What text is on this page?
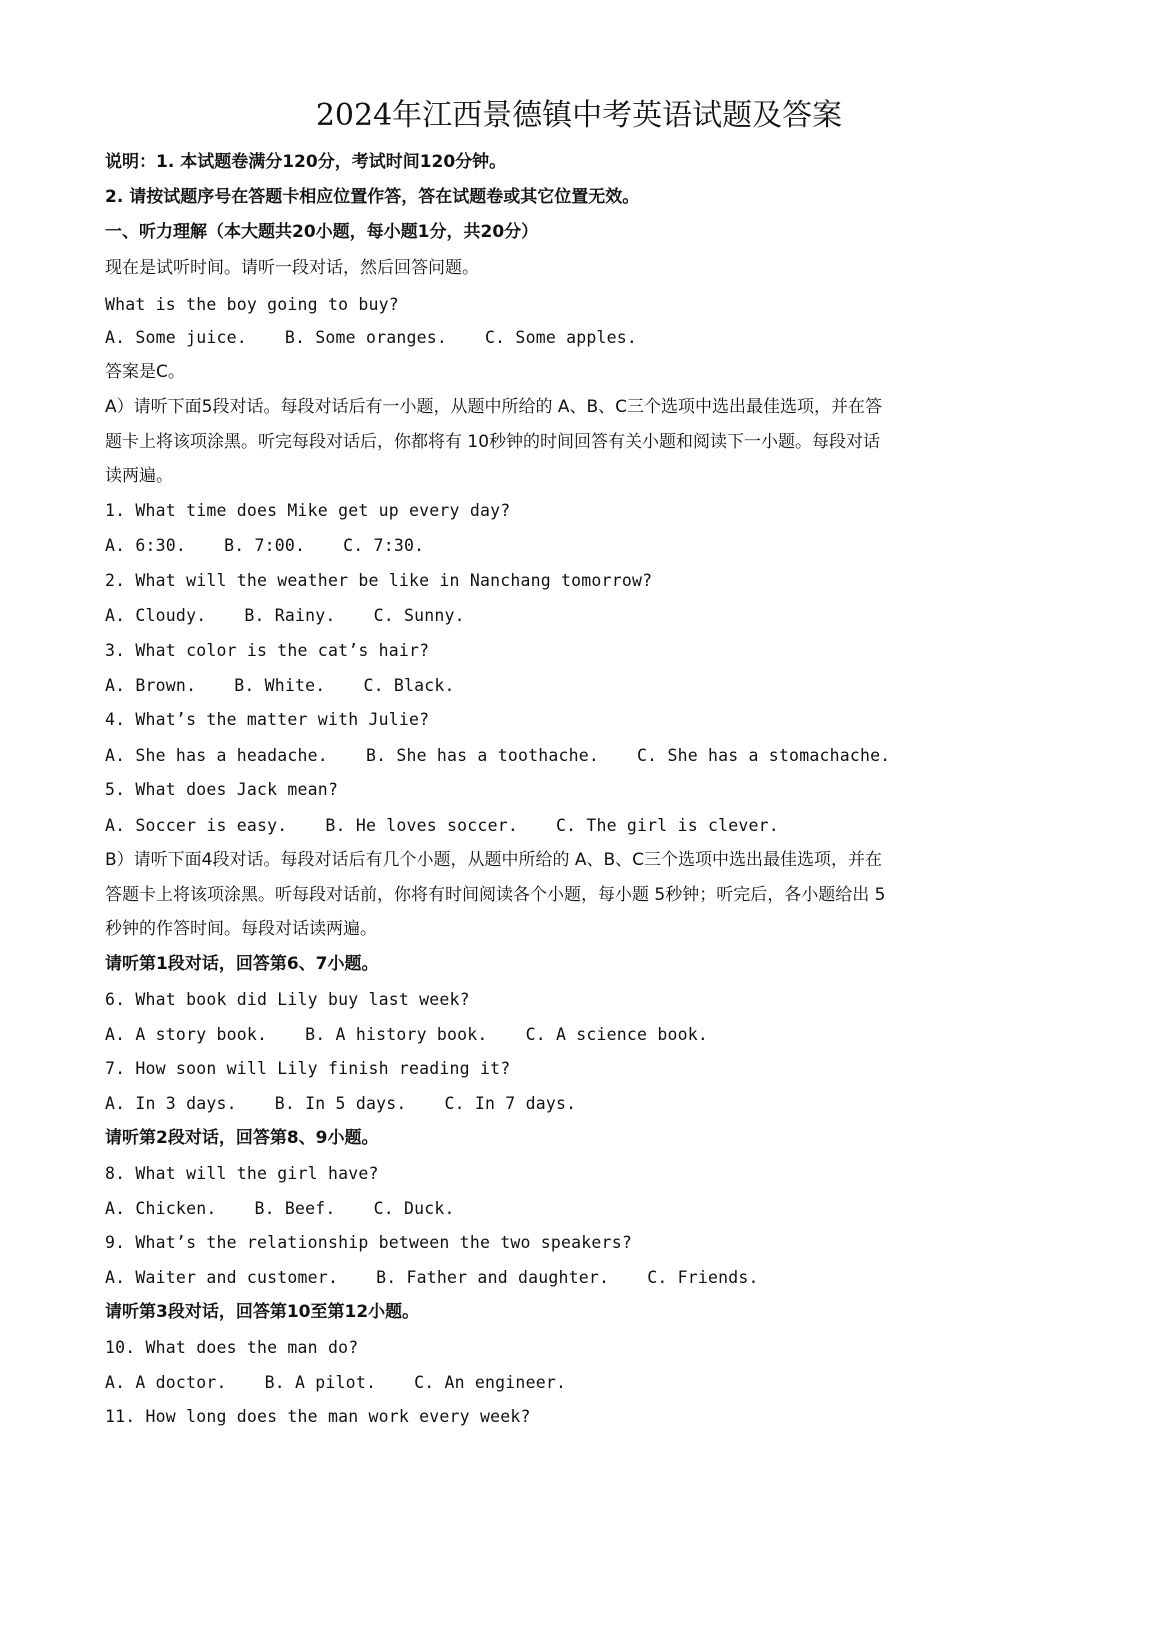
2024年江西景德镇中考英语试题及答案
说明：1. 本试题卷满分120分，考试时间120分钟。
2. 请按试题序号在答题卡相应位置作答，答在试题卷或其它位置无效。
一、听力理解（本大题共20小题，每小题1分，共20分）
现在是试听时间。请听一段对话，然后回答问题。
What is the boy going to buy?
A. Some juice. B. Some oranges. C. Some apples.
答案是C。
A）请听下面5段对话。每段对话后有一小题，从题中所给的 A、B、C三个选项中选出最佳选项，并在答
题卡上将该项涂黑。听完每段对话后，你都将有 10秒钟的时间回答有关小题和阅读下一小题。每段对话
读两遍。
1. What time does Mike get up every day?
A. 6:30. B. 7:00. C. 7:30.
2. What will the weather be like in Nanchang tomorrow?
A. Cloudy. B. Rainy. C. Sunny.
3. What color is the cat’s hair?
A. Brown. B. White. C. Black.
4. What’s the matter with Julie?
A. She has a headache. B. She has a toothache. C. She has a stomachache.
5. What does Jack mean?
A. Soccer is easy. B. He loves soccer. C. The girl is clever.
B）请听下面4段对话。每段对话后有几个小题，从题中所给的 A、B、C三个选项中选出最佳选项，并在
答题卡上将该项涂黑。听每段对话前，你将有时间阅读各个小题，每小题 5秒钟；听完后，各小题给出 5
秒钟的作答时间。每段对话读两遍。
请听第1段对话，回答第6、7小题。
6. What book did Lily buy last week?
A. A story book. B. A history book. C. A science book.
7. How soon will Lily finish reading it?
A. In 3 days. B. In 5 days. C. In 7 days.
请听第2段对话，回答第8、9小题。
8. What will the girl have?
A. Chicken. B. Beef. C. Duck.
9. What’s the relationship between the two speakers?
A. Waiter and customer. B. Father and daughter. C. Friends.
请听第3段对话，回答第10至第12小题。
10. What does the man do?
A. A doctor. B. A pilot. C. An engineer.
11. How long does the man work every week?
